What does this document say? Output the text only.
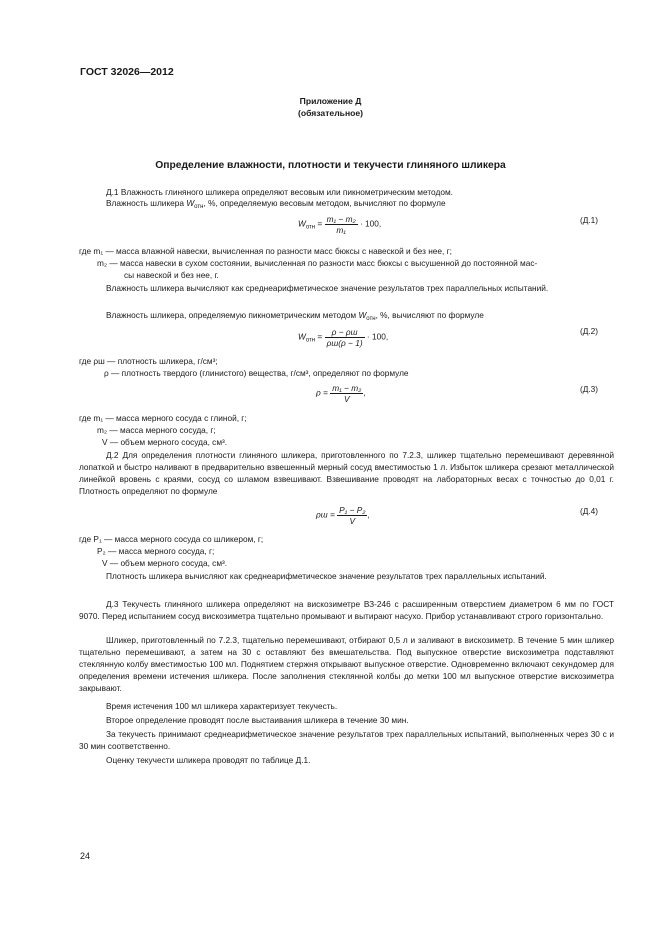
ГОСТ 32026—2012
Приложение Д
(обязательное)
Определение влажности, плотности и текучести глиняного шликера
Д.1 Влажность глиняного шликера определяют весовым или пикнометрическим методом.
Влажность шликера $W_{отн}$, %, определяемую весовым методом, вычисляют по формуле
$W_{отн} = \frac{\text{m₁ − m₂}}{\text{m₁}} \cdot 100$,	(Д.1)
где m₁ — масса влажной навески, вычисленная по разности масс бюксы с навеской и без нее, г;
m₂ — масса навески в сухом состоянии, вычисленная по разности масс бюксы с высушенной до постоянной мас-
сы навеской и без нее, г.
Влажность шликера вычисляют как среднеарифметическое значение результатов трех параллельных испытаний.
Влажность шликера, определяемую пикнометрическим методом $W_{отн}$, %, вычисляют по формуле
$W_{отн} = \frac{\rho - \rho ш}{\rho ш(\rho - 1)} \cdot 100$,
(Д.2)
где ρш — плотность шликера, г/см³;
ρ — плотность твердого (глинистого) вещества, г/см³, определяют по формуле
$\rho = \frac{\text{m₁ − m₂}}{V}$ ,	(Д.3)
где m₁ — масса мерного сосуда с глиной, г;
m₂ — масса мерного сосуда, г;
V — объем мерного сосуда, см³.
Д.2 Для определения плотности глиняного шликера, приготовленного по 7.2.3, шликер тщательно перемешивают деревянной лопаткой и быстро наливают в предварительно взвешенный мерный сосуд вместимостью 1 л. Избыток шликера срезают металлической линейкой вровень с краями, сосуд со шламом взвешивают. Взвешивание проводят на лабораторных весах с точностью до 0,01 г. Плотность определяют по формуле
$\rho ш = \frac{\text{P₁ − P₂}}{V}$ ,	(Д.4)
где P₁ — масса мерного сосуда со шликером, г;
P₂ — масса мерного сосуда, г;
V — объем мерного сосуда, см³.
Плотность шликера вычисляют как среднеарифметическое значение результатов трех параллельных испытаний.
Д.3 Текучесть глиняного шликера определяют на вискозиметре ВЗ-246 с расширенным отверстием диаметром 6 мм по ГОСТ 9070. Перед испытанием сосуд вискозиметра тщательно промывают и вытирают насухо. Прибор устанавливают строго горизонтально.
Шликер, приготовленный по 7.2.3, тщательно перемешивают, отбирают 0,5 л и заливают в вискозиметр. В течение 5 мин шликер тщательно перемешивают, а затем на 30 с оставляют без вмешательства. Под выпускное отверстие вискозиметра подставляют стеклянную колбу вместимостью 100 мл. Поднятием стержня открывают выпускное отверстие. Одновременно включают секундомер для определения времени истечения шликера. После заполнения стеклянной колбы до метки 100 мл выпускное отверстие вискозиметра закрывают.
Время истечения 100 мл шликера характеризует текучесть.
Второе определение проводят после выстаивания шликера в течение 30 мин.
За текучесть принимают среднеарифметическое значение результатов трех параллельных испытаний, выполненных через 30 с и 30 мин соответственно.
Оценку текучести шликера проводят по таблице Д.1.
24
